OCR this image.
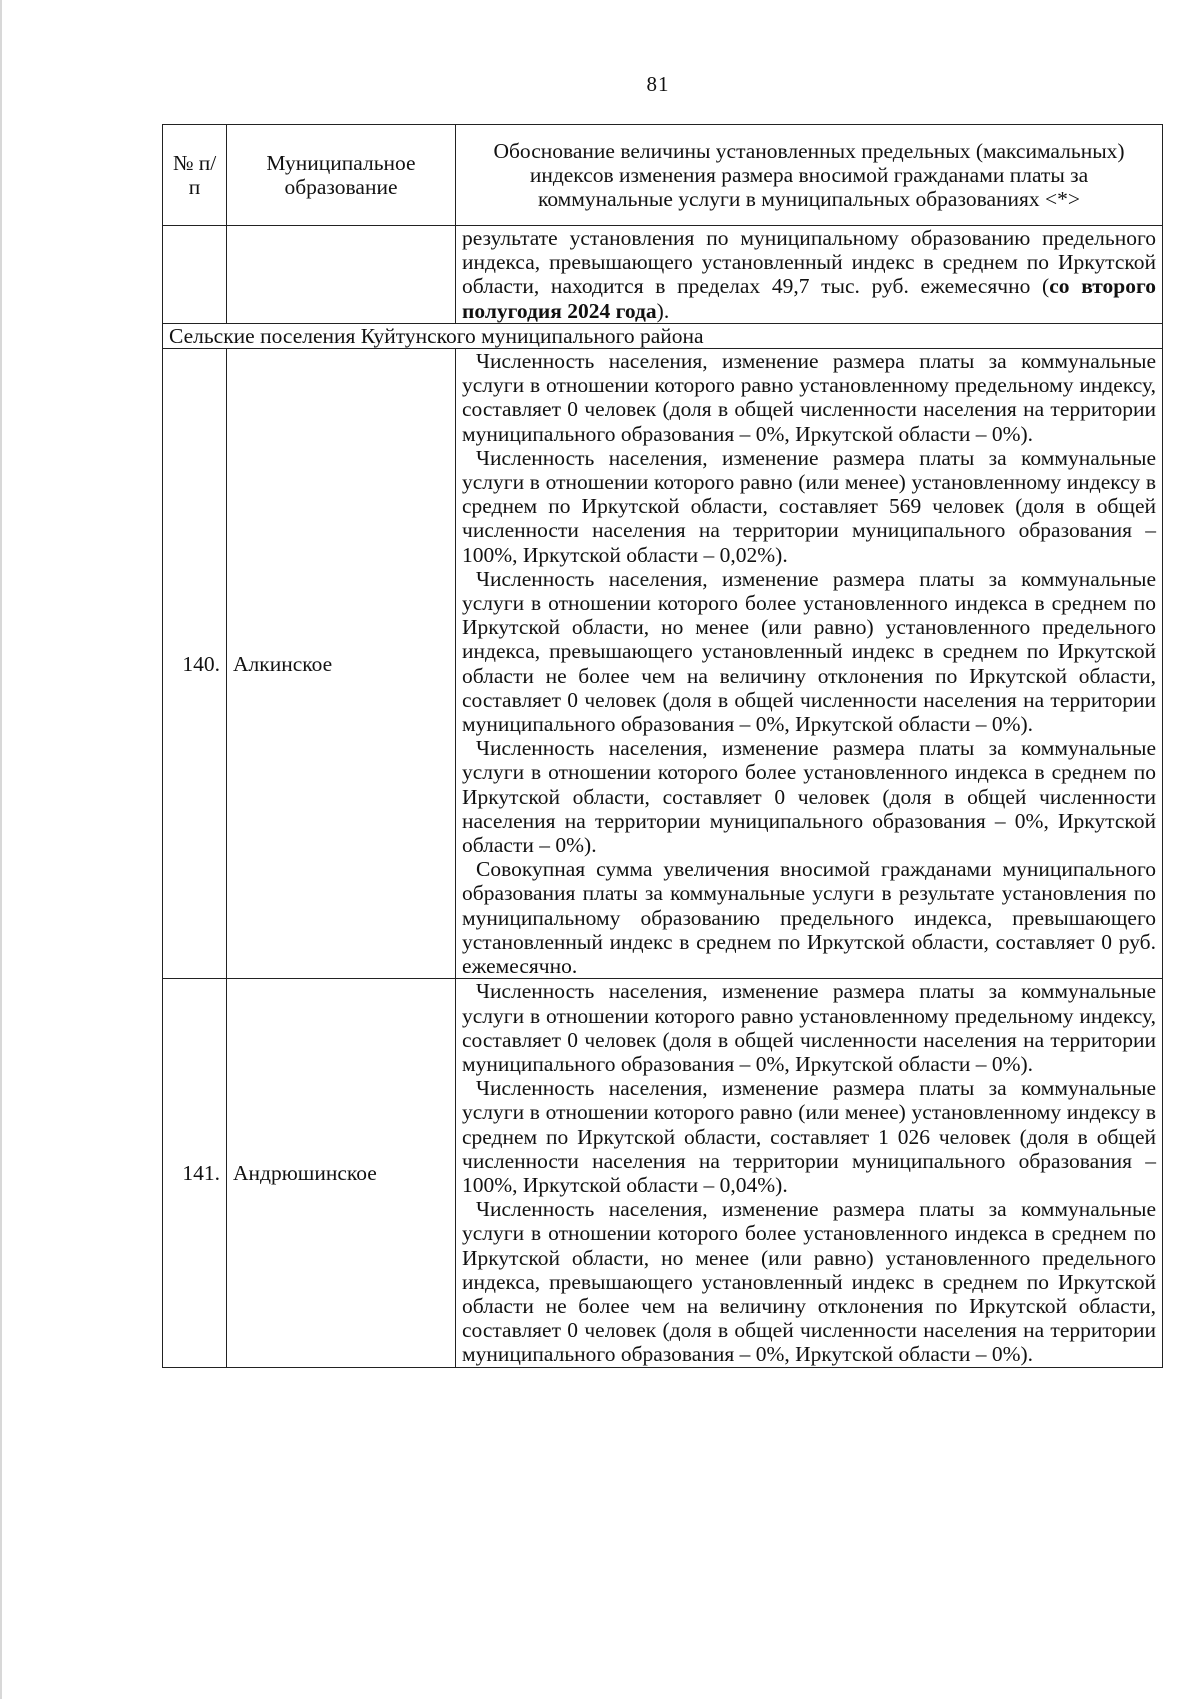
81
№ п/п	Муниципальное образование	Обоснование величины установленных предельных (максимальных) индексов изменения размера вносимой гражданами платы за коммунальные услуги в муниципальных образованиях <*>

		результате установления по муниципальному образованию предельного индекса, превышающего установленный индекс в среднем по Иркутской области, находится в пределах 49,7 тыс. руб. ежемесячно (со второго полугодия 2024 года).

Сельские поселения Куйтунского муниципального района		
140.	Алкинское	Численность населения, изменение размера платы за коммунальные услуги в отношении которого равно установленному предельному индексу, составляет 0 человек (доля в общей численности населения на территории муниципального образования – 0%, Иркутской области – 0%).

Численность населения, изменение размера платы за коммунальные услуги в отношении которого равно (или менее) установленному индексу в среднем по Иркутской области, составляет 569 человек (доля в общей численности населения на территории муниципального образования – 100%, Иркутской области – 0,02%).

Численность населения, изменение размера платы за коммунальные услуги в отношении которого более установленного индекса в среднем по Иркутской области, но менее (или равно) установленного предельного индекса, превышающего установленный индекс в среднем по Иркутской области не более чем на величину отклонения по Иркутской области, составляет 0 человек (доля в общей численности населения на территории муниципального образования – 0%, Иркутской области – 0%).

Численность населения, изменение размера платы за коммунальные услуги в отношении которого более установленного индекса в среднем по Иркутской области, составляет 0 человек (доля в общей численности населения на территории муниципального образования – 0%, Иркутской области – 0%).

Совокупная сумма увеличения вносимой гражданами муниципального образования платы за коммунальные услуги в результате установления по муниципальному образованию предельного индекса, превышающего установленный индекс в среднем по Иркутской области, составляет 0 руб. ежемесячно.

141.	Андрюшинское	Численность населения, изменение размера платы за коммунальные услуги в отношении которого равно установленному предельному индексу, составляет 0 человек (доля в общей численности населения на территории муниципального образования – 0%, Иркутской области – 0%).

Численность населения, изменение размера платы за коммунальные услуги в отношении которого равно (или менее) установленному индексу в среднем по Иркутской области, составляет 1 026 человек (доля в общей численности населения на территории муниципального образования – 100%, Иркутской области – 0,04%).

Численность населения, изменение размера платы за коммунальные услуги в отношении которого более установленного индекса в среднем по Иркутской области, но менее (или равно) установленного предельного индекса, превышающего установленный индекс в среднем по Иркутской области не более чем на величину отклонения по Иркутской области, составляет 0 человек (доля в общей численности населения на территории муниципального образования – 0%, Иркутской области – 0%).
